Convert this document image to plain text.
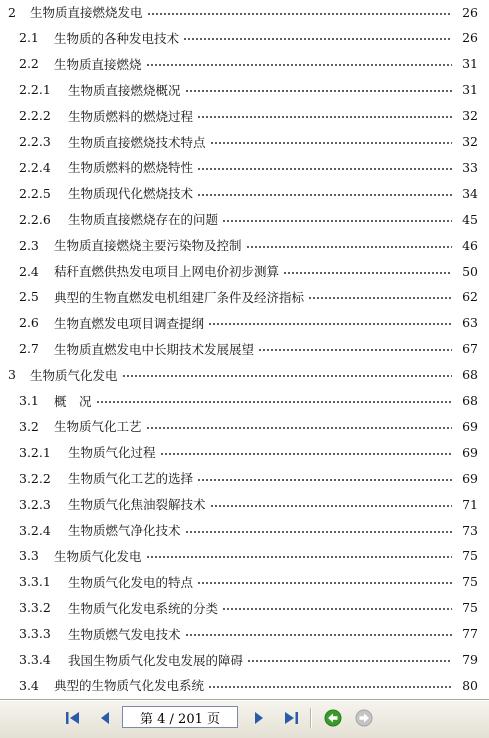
2	生物质直接燃烧发电	26
2.1	生物质的各种发电技术	26
2.2	生物质直接燃烧	31
2.2.1	生物质直接燃烧概况	31
2.2.2	生物质燃料的燃烧过程	32
2.2.3	生物质直接燃烧技术特点	32
2.2.4	生物质燃料的燃烧特性	33
2.2.5	生物质现代化燃烧技术	34
2.2.6	生物质直接燃烧存在的问题	45
2.3	生物质直接燃烧主要污染物及控制	46
2.4	秸秆直燃供热发电项目上网电价初步测算	50
2.5	典型的生物直燃发电机组建厂条件及经济指标	62
2.6	生物直燃发电项目调查提纲	63
2.7	生物质直燃发电中长期技术发展展望	67
3	生物质气化发电	68
3.1	概　况	68
3.2	生物质气化工艺	69
3.2.1	生物质气化过程	69
3.2.2	生物质气化工艺的选择	69
3.2.3	生物质气化焦油裂解技术	71
3.2.4	生物质燃气净化技术	73
3.3	生物质气化发电	75
3.3.1	生物质气化发电的特点	75
3.3.2	生物质气化发电系统的分类	75
3.3.3	生物质燃气发电技术	77
3.3.4	我国生物质气化发电发展的障碍	79
3.4	典型的生物质气化发电系统	80
第 4 / 201 页
